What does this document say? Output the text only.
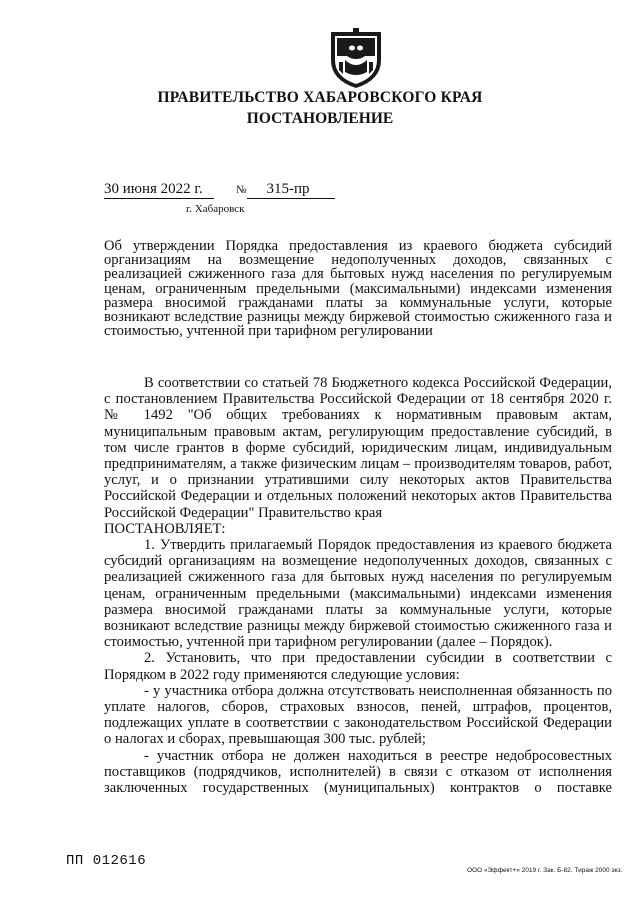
ПРАВИТЕЛЬСТВО ХАБАРОВСКОГО КРАЯ
ПОСТАНОВЛЕНИЕ
30 июня 2022 г.	№ 315-пр
г. Хабаровск
Об утверждении Порядка предоставления из краевого бюджета субсидий организациям на возмещение недополученных доходов, связанных с реализацией сжиженного газа для бытовых нужд населения по регулируемым ценам, ограниченным предельными (максимальными) индексами изменения размера вносимой гражданами платы за коммунальные услуги, которые возникают вследствие разницы между биржевой стоимостью сжиженного газа и стоимостью, учтенной при тарифном регулировании

В соответствии со статьей 78 Бюджетного кодекса Российской Федерации, с постановлением Правительства Российской Федерации от 18 сентября 2020 г. № 1492 "Об общих требованиях к нормативным правовым актам, муниципальным правовым актам, регулирующим предоставление субсидий, в том числе грантов в форме субсидий, юридическим лицам, индивидуальным предпринимателям, а также физическим лицам – производителям товаров, работ, услуг, и о признании утратившими силу некоторых актов Правительства Российской Федерации и отдельных положений некоторых актов Правительства Российской Федерации" Правительство края

ПОСТАНОВЛЯЕТ:

1. Утвердить прилагаемый Порядок предоставления из краевого бюджета субсидий организациям на возмещение недополученных доходов, связанных с реализацией сжиженного газа для бытовых нужд населения по регулируемым ценам, ограниченным предельными (максимальными) индексами изменения размера вносимой гражданами платы за коммунальные услуги, которые возникают вследствие разницы между биржевой стоимостью сжиженного газа и стоимостью, учтенной при тарифном регулировании (далее – Порядок).

2. Установить, что при предоставлении субсидии в соответствии с Порядком в 2022 году применяются следующие условия:

- у участника отбора должна отсутствовать неисполненная обязанность по уплате налогов, сборов, страховых взносов, пеней, штрафов, процентов, подлежащих уплате в соответствии с законодательством Российской Федерации о налогах и сборах, превышающая 300 тыс. рублей;

- участник отбора не должен находиться в реестре недобросовестных поставщиков (подрядчиков, исполнителей) в связи с отказом от исполнения заключенных государственных (муниципальных) контрактов о поставке

ПП 012616
ООО «Эффект+» 2019 г. Зак. Б-82. Тираж 2000 экз.
